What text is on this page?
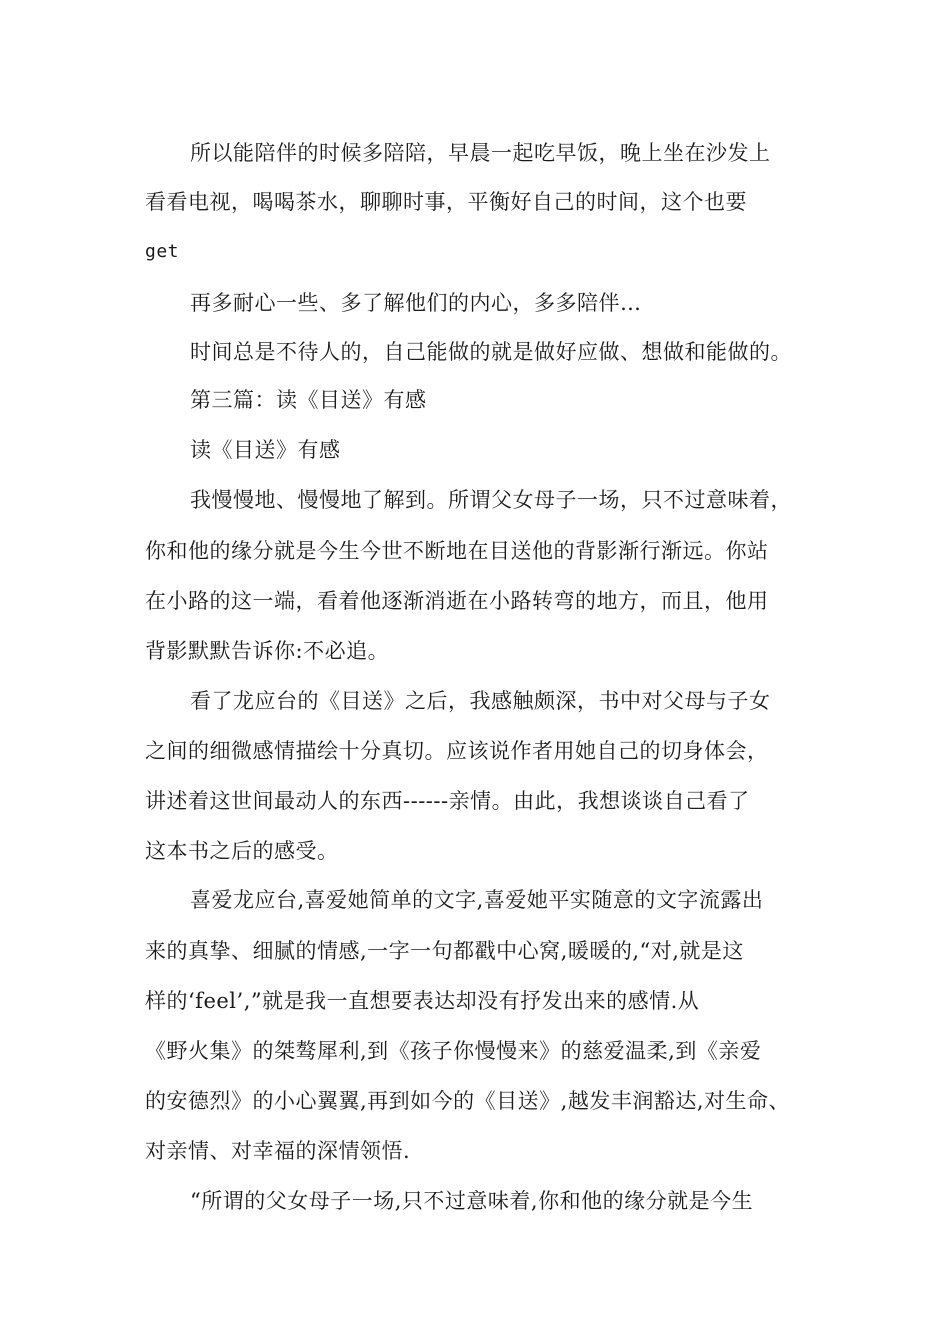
所以能陪伴的时候多陪陪，早晨一起吃早饭，晚上坐在沙发上

看看电视，喝喝茶水，聊聊时事，平衡好自己的时间，这个也要

get

再多耐心一些、多了解他们的内心，多多陪伴…

时间总是不待人的，自己能做的就是做好应做、想做和能做的。

第三篇：读《目送》有感

读《目送》有感

我慢慢地、慢慢地了解到。所谓父女母子一场，只不过意味着，

你和他的缘分就是今生今世不断地在目送他的背影渐行渐远。你站

在小路的这一端，看着他逐渐消逝在小路转弯的地方，而且，他用

背影默默告诉你:不必追。

看了龙应台的《目送》之后，我感触颇深，书中对父母与子女

之间的细微感情描绘十分真切。应该说作者用她自己的切身体会，

讲述着这世间最动人的东西------亲情。由此，我想谈谈自己看了

这本书之后的感受。

喜爱龙应台,喜爱她简单的文字,喜爱她平实随意的文字流露出

来的真挚、细腻的情感,一字一句都戳中心窝,暖暖的,“对,就是这

样的‘feel’,”就是我一直想要表达却没有抒发出来的感情.从

《野火集》的桀骜犀利,到《孩子你慢慢来》的慈爱温柔,到《亲爱

的安德烈》的小心翼翼,再到如今的《目送》,越发丰润豁达,对生命、

对亲情、对幸福的深情领悟.

“所谓的父女母子一场,只不过意味着,你和他的缘分就是今生
